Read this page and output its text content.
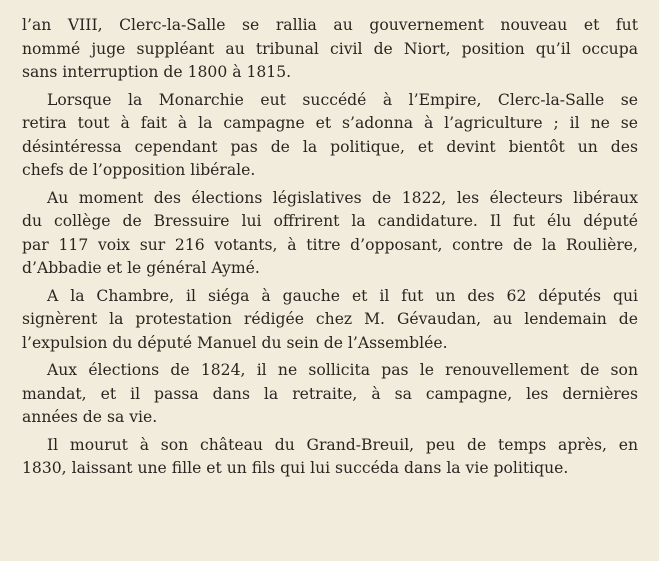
l’an VIII, Clerc-la-Salle se rallia au gouvernement nouveau et fut
nommé juge suppléant au tribunal civil de Niort, position qu’il occupa
sans interruption de 1800 à 1815.
Lorsque la Monarchie eut succédé à l’Empire, Clerc-la-Salle se
retira tout à fait à la campagne et s’adonna à l’agriculture ; il ne se
désintéressa cependant pas de la politique, et devint bientôt un des
chefs de l’opposition libérale.
Au moment des élections législatives de 1822, les électeurs libéraux
du collège de Bressuire lui offrirent la candidature. Il fut élu député
par 117 voix sur 216 votants, à titre d’opposant, contre de la Roulière,
d’Abbadie et le général Aymé.
A la Chambre, il siéga à gauche et il fut un des 62 députés qui
signèrent la protestation rédigée chez M. Gévaudan, au lendemain de
l’expulsion du député Manuel du sein de l’Assemblée.
Aux élections de 1824, il ne sollicita pas le renouvellement de son
mandat, et il passa dans la retraite, à sa campagne, les dernières
années de sa vie.
Il mourut à son château du Grand-Breuil, peu de temps après, en
1830, laissant une fille et un fils qui lui succéda dans la vie politique.
